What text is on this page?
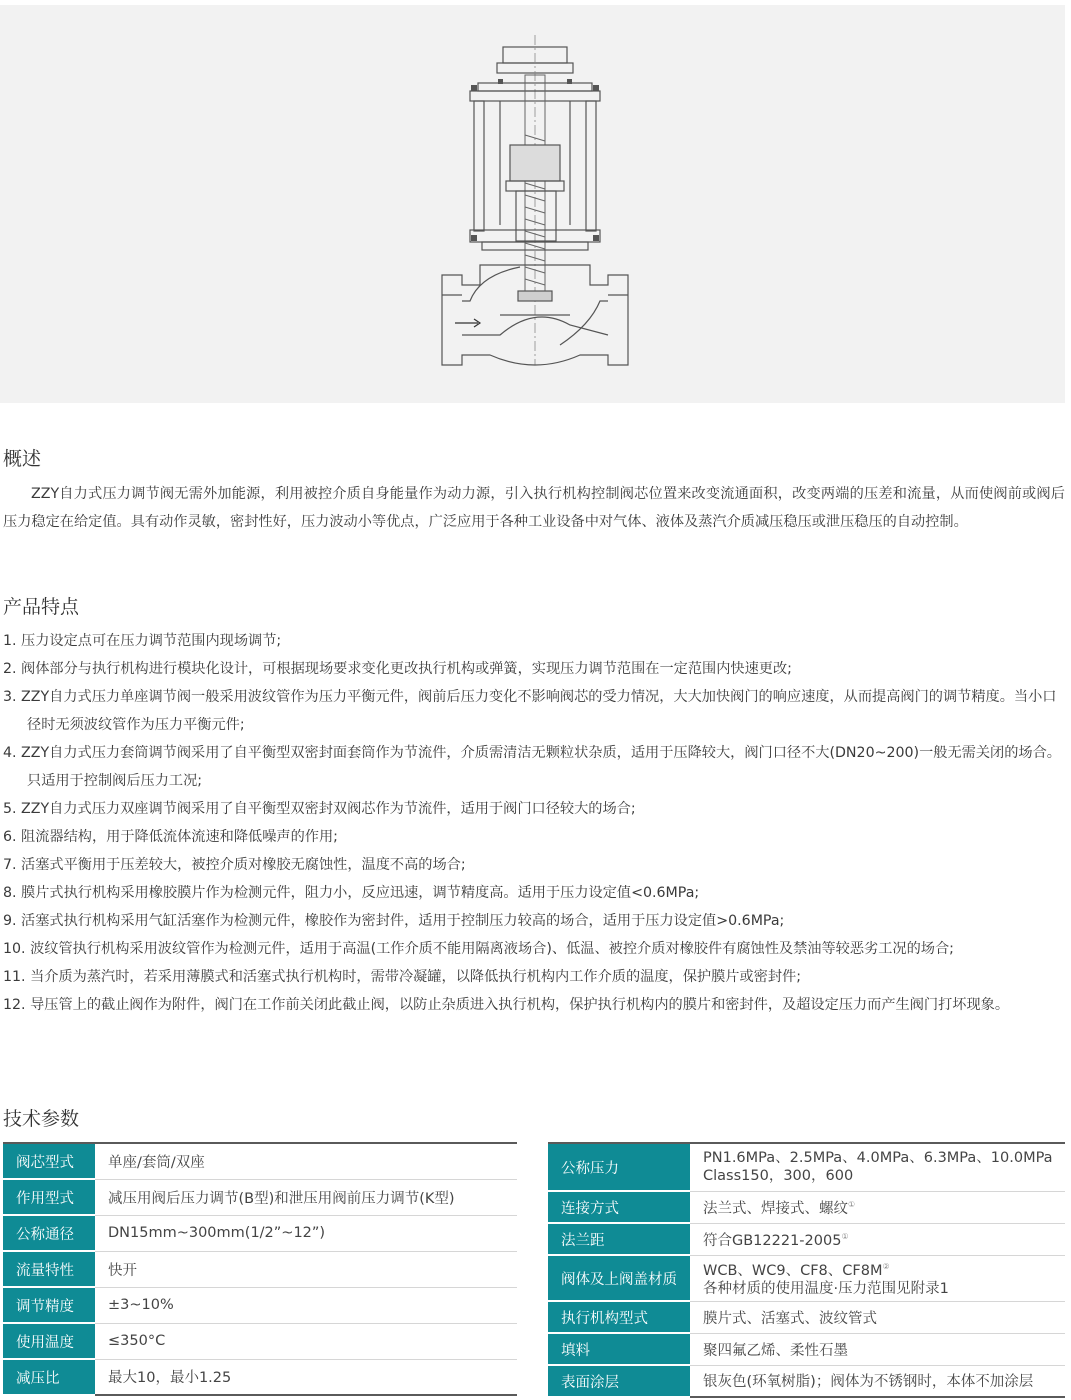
概述

ZZY自力式压力调节阀无需外加能源，利用被控介质自身能量作为动力源，引入执行机构控制阀芯位置来改变流通面积，改变两端的压差和流量，从而使阀前或阀后压力稳定在给定值。具有动作灵敏，密封性好，压力波动小等优点，广泛应用于各种工业设备中对气体、液体及蒸汽介质减压稳压或泄压稳压的自动控制。

产品特点
1. 压力设定点可在压力调节范围内现场调节;
2. 阀体部分与执行机构进行模块化设计，可根据现场要求变化更改执行机构或弹簧，实现压力调节范围在一定范围内快速更改;
3. ZZY自力式压力单座调节阀一般采用波纹管作为压力平衡元件，阀前后压力变化不影响阀芯的受力情况，大大加快阀门的响应速度，从而提高阀门的调节精度。当小口径时无须波纹管作为压力平衡元件;
4. ZZY自力式压力套筒调节阀采用了自平衡型双密封面套筒作为节流件，介质需清洁无颗粒状杂质，适用于压降较大，阀门口径不大(DN20~200)一般无需关闭的场合。只适用于控制阀后压力工况;
5. ZZY自力式压力双座调节阀采用了自平衡型双密封双阀芯作为节流件，适用于阀门口径较大的场合;
6. 阻流器结构，用于降低流体流速和降低噪声的作用;
7. 活塞式平衡用于压差较大，被控介质对橡胶无腐蚀性，温度不高的场合;
8. 膜片式执行机构采用橡胶膜片作为检测元件，阻力小，反应迅速，调节精度高。适用于压力设定值<0.6MPa;
9. 活塞式执行机构采用气缸活塞作为检测元件，橡胶作为密封件，适用于控制压力较高的场合，适用于压力设定值>0.6MPa;
10. 波纹管执行机构采用波纹管作为检测元件，适用于高温(工作介质不能用隔离液场合)、低温、被控介质对橡胶件有腐蚀性及禁油等较恶劣工况的场合;
11. 当介质为蒸汽时，若采用薄膜式和活塞式执行机构时，需带冷凝罐，以降低执行机构内工作介质的温度，保护膜片或密封件;
12. 导压管上的截止阀作为附件，阀门在工作前关闭此截止阀，以防止杂质进入执行机构，保护执行机构内的膜片和密封件，及超设定压力而产生阀门打坏现象。
技术参数
阀芯型式	单座/套筒/双座
作用型式	减压用阀后压力调节(B型)和泄压用阀前压力调节(K型)
公称通径	DN15mm~300mm(1/2”~12”)
流量特性	快开
调节精度	±3~10%
使用温度	≤350°C
减压比	最大10，最小1.25
公称压力	PN1.6MPa、2.5MPa、4.0MPa、6.3MPa、10.0MPa
Class150，300，600

连接方式	法兰式、焊接式、螺纹①
法兰距	符合GB12221-2005①
阀体及上阀盖材质	WCB、WC9、CF8、CF8M②
各种材质的使用温度·压力范围见附录1

执行机构型式	膜片式、活塞式、波纹管式
填料	聚四氟乙烯、柔性石墨
表面涂层	银灰色(环氧树脂)；阀体为不锈钢时，本体不加涂层
